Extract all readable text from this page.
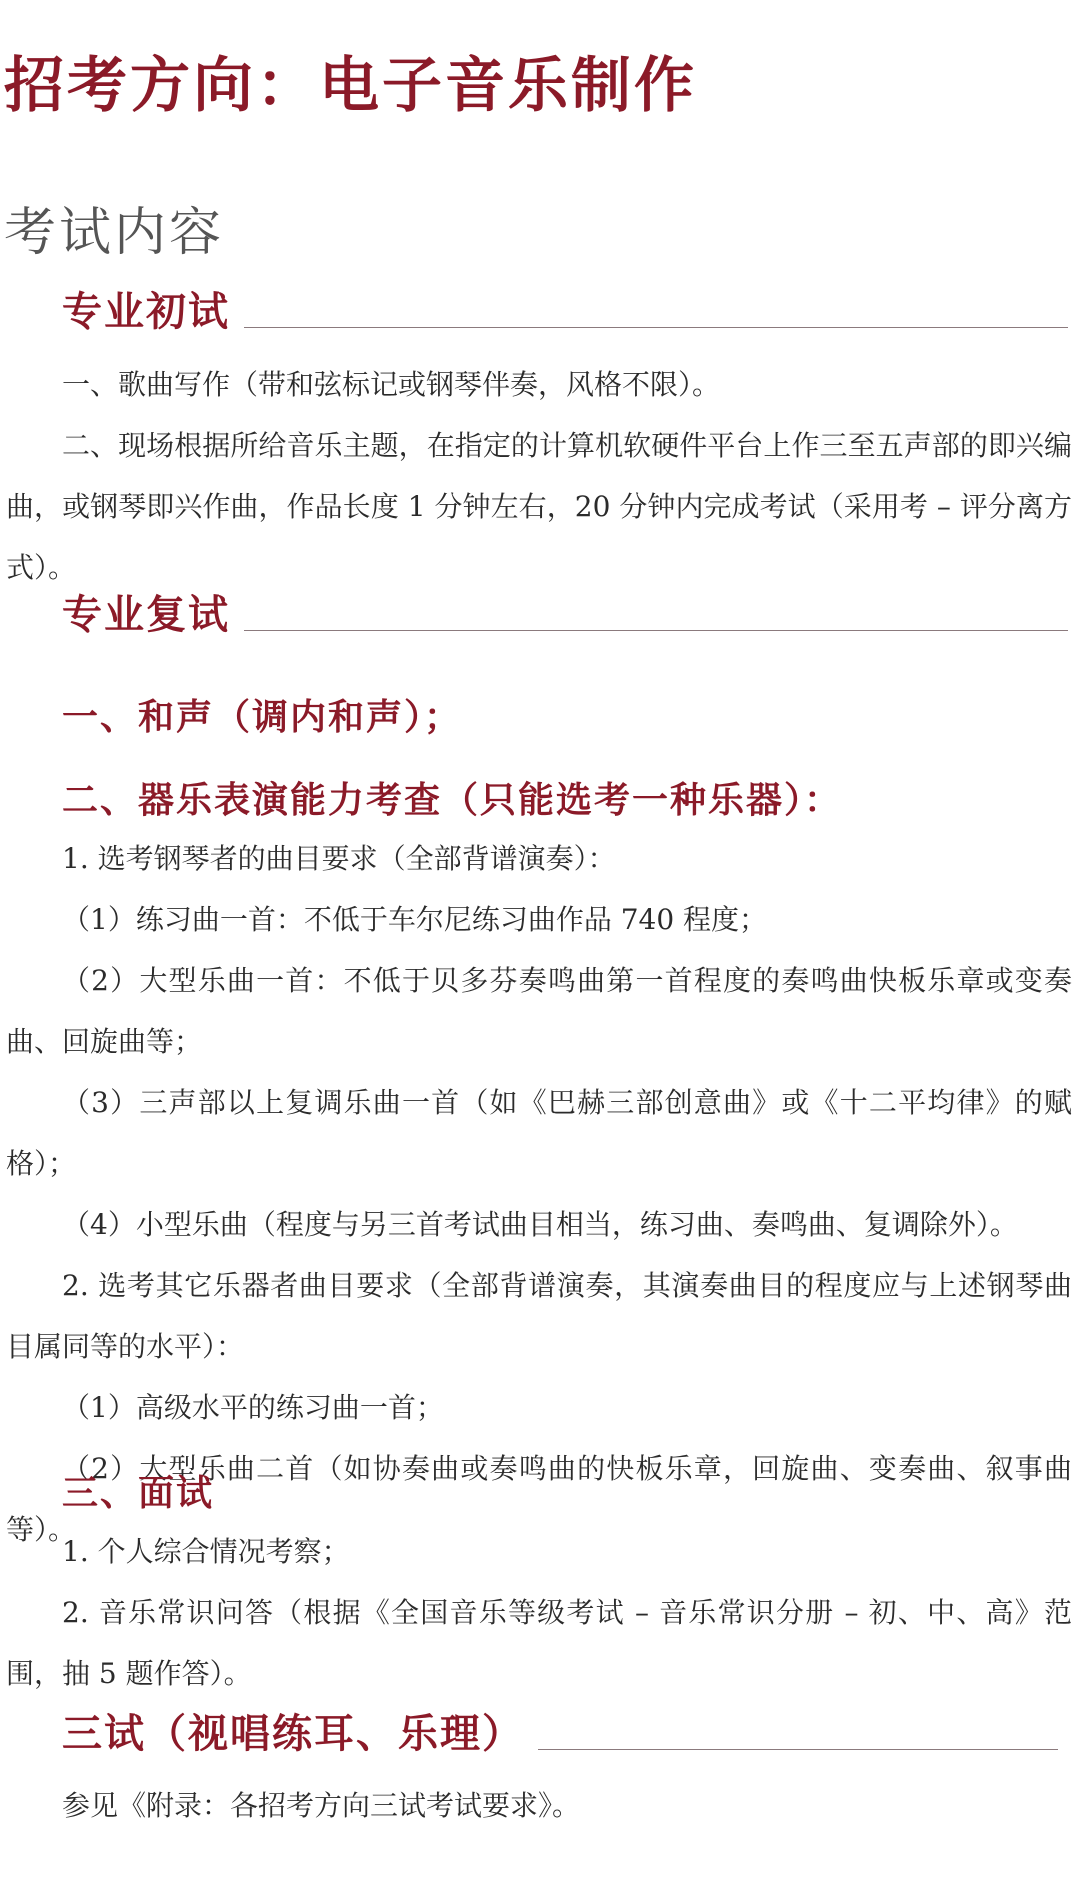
招考方向：电子音乐制作
考试内容
专业初试

一、歌曲写作（带和弦标记或钢琴伴奏，风格不限）。

二、现场根据所给音乐主题，在指定的计算机软硬件平台上作三至五声部的即兴编曲，或钢琴即兴作曲，作品长度 1 分钟左右，20 分钟内完成考试（采用考 – 评分离方式）。

专业复试
一、和声（调内和声）；
二、器乐表演能力考查（只能选考一种乐器）：

1. 选考钢琴者的曲目要求（全部背谱演奏）：

（1）练习曲一首：不低于车尔尼练习曲作品 740 程度；

（2）大型乐曲一首：不低于贝多芬奏鸣曲第一首程度的奏鸣曲快板乐章或变奏曲、回旋曲等；

（3）三声部以上复调乐曲一首（如《巴赫三部创意曲》或《十二平均律》的赋格）；

（4）小型乐曲（程度与另三首考试曲目相当，练习曲、奏鸣曲、复调除外）。

2. 选考其它乐器者曲目要求（全部背谱演奏，其演奏曲目的程度应与上述钢琴曲目属同等的水平）：

（1）高级水平的练习曲一首；

（2）大型乐曲二首（如协奏曲或奏鸣曲的快板乐章，回旋曲、变奏曲、叙事曲等）。

三、面试

1. 个人综合情况考察；

2. 音乐常识问答（根据《全国音乐等级考试 – 音乐常识分册 – 初、中、高》范围，抽 5 题作答）。

三试（视唱练耳、乐理）

参见《附录：各招考方向三试考试要求》。
